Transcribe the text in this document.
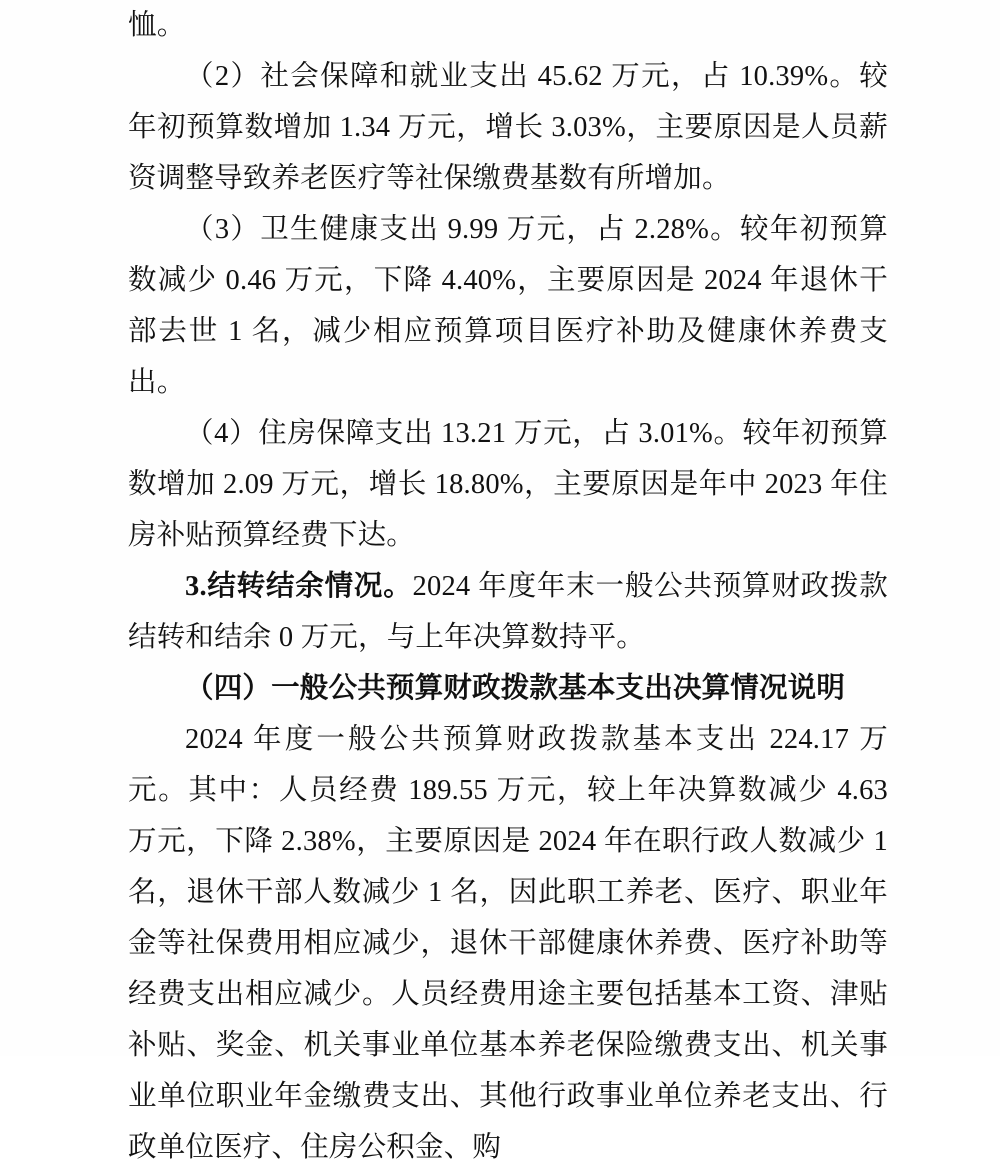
恤。

（2）社会保障和就业支出 45.62 万元，占 10.39%。较年初预算数增加 1.34 万元，增长 3.03%，主要原因是人员薪资调整导致养老医疗等社保缴费基数有所增加。

（3）卫生健康支出 9.99 万元，占 2.28%。较年初预算数减少 0.46 万元，下降 4.40%，主要原因是 2024 年退休干部去世 1 名，减少相应预算项目医疗补助及健康休养费支出。

（4）住房保障支出 13.21 万元，占 3.01%。较年初预算数增加 2.09 万元，增长 18.80%，主要原因是年中 2023 年住房补贴预算经费下达。

3.结转结余情况。2024 年度年末一般公共预算财政拨款结转和结余 0 万元，与上年决算数持平。

（四）一般公共预算财政拨款基本支出决算情况说明

2024 年度一般公共预算财政拨款基本支出 224.17 万元。其中：人员经费 189.55 万元，较上年决算数减少 4.63 万元，下降 2.38%，主要原因是 2024 年在职行政人数减少 1 名，退休干部人数减少 1 名，因此职工养老、医疗、职业年金等社保费用相应减少，退休干部健康休养费、医疗补助等经费支出相应减少。人员经费用途主要包括基本工资、津贴补贴、奖金、机关事业单位基本养老保险缴费支出、机关事业单位职业年金缴费支出、其他行政事业单位养老支出、行政单位医疗、住房公积金、购
